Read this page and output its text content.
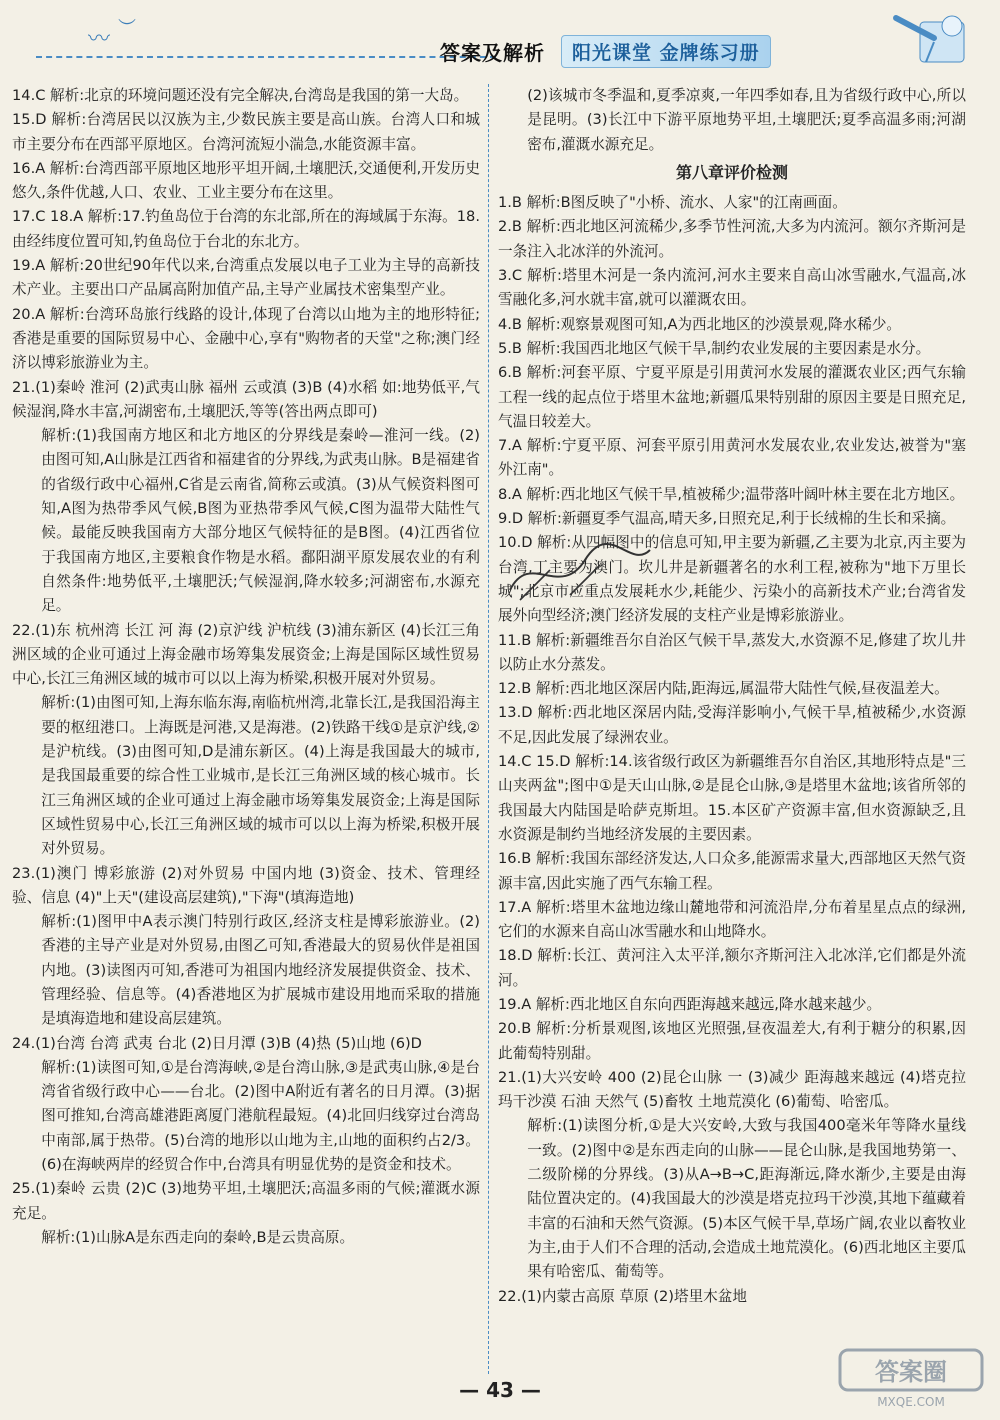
〰 ︶
答案及解析	阳光课堂 金牌练习册

14.C 解析:北京的环境问题还没有完全解决,台湾岛是我国的第一大岛。

15.D 解析:台湾居民以汉族为主,少数民族主要是高山族。台湾人口和城市主要分布在西部平原地区。台湾河流短小湍急,水能资源丰富。

16.A 解析:台湾西部平原地区地形平坦开阔,土壤肥沃,交通便利,开发历史悠久,条件优越,人口、农业、工业主要分布在这里。

17.C 18.A 解析:17.钓鱼岛位于台湾的东北部,所在的海域属于东海。18.由经纬度位置可知,钓鱼岛位于台北的东北方。

19.A 解析:20世纪90年代以来,台湾重点发展以电子工业为主导的高新技术产业。主要出口产品属高附加值产品,主导产业属技术密集型产业。

20.A 解析:台湾环岛旅行线路的设计,体现了台湾以山地为主的地形特征;香港是重要的国际贸易中心、金融中心,享有"购物者的天堂"之称;澳门经济以博彩旅游业为主。

21.(1)秦岭 淮河 (2)武夷山脉 福州 云或滇 (3)B (4)水稻 如:地势低平,气候湿润,降水丰富,河湖密布,土壤肥沃,等等(答出两点即可)

解析:(1)我国南方地区和北方地区的分界线是秦岭—淮河一线。(2)由图可知,A山脉是江西省和福建省的分界线,为武夷山脉。B是福建省的省级行政中心福州,C省是云南省,简称云或滇。(3)从气候资料图可知,A图为热带季风气候,B图为亚热带季风气候,C图为温带大陆性气候。最能反映我国南方大部分地区气候特征的是B图。(4)江西省位于我国南方地区,主要粮食作物是水稻。鄱阳湖平原发展农业的有利自然条件:地势低平,土壤肥沃;气候湿润,降水较多;河湖密布,水源充足。

22.(1)东 杭州湾 长江 河 海 (2)京沪线 沪杭线 (3)浦东新区 (4)长江三角洲区域的企业可通过上海金融市场筹集发展资金;上海是国际区域性贸易中心,长江三角洲区域的城市可以以上海为桥梁,积极开展对外贸易。

解析:(1)由图可知,上海东临东海,南临杭州湾,北靠长江,是我国沿海主要的枢纽港口。上海既是河港,又是海港。(2)铁路干线①是京沪线,②是沪杭线。(3)由图可知,D是浦东新区。(4)上海是我国最大的城市,是我国最重要的综合性工业城市,是长江三角洲区域的核心城市。长江三角洲区域的企业可通过上海金融市场筹集发展资金;上海是国际区域性贸易中心,长江三角洲区域的城市可以以上海为桥梁,积极开展对外贸易。

23.(1)澳门 博彩旅游 (2)对外贸易 中国内地 (3)资金、技术、管理经验、信息 (4)"上天"(建设高层建筑),"下海"(填海造地)

解析:(1)图甲中A表示澳门特别行政区,经济支柱是博彩旅游业。(2)香港的主导产业是对外贸易,由图乙可知,香港最大的贸易伙伴是祖国内地。(3)读图丙可知,香港可为祖国内地经济发展提供资金、技术、管理经验、信息等。(4)香港地区为扩展城市建设用地而采取的措施是填海造地和建设高层建筑。

24.(1)台湾 台湾 武夷 台北 (2)日月潭 (3)B (4)热 (5)山地 (6)D

解析:(1)读图可知,①是台湾海峡,②是台湾山脉,③是武夷山脉,④是台湾省省级行政中心——台北。(2)图中A附近有著名的日月潭。(3)据图可推知,台湾高雄港距离厦门港航程最短。(4)北回归线穿过台湾岛中南部,属于热带。(5)台湾的地形以山地为主,山地的面积约占2/3。(6)在海峡两岸的经贸合作中,台湾具有明显优势的是资金和技术。

25.(1)秦岭 云贵 (2)C (3)地势平坦,土壤肥沃;高温多雨的气候;灌溉水源充足。

解析:(1)山脉A是东西走向的秦岭,B是云贵高原。

(2)该城市冬季温和,夏季凉爽,一年四季如春,且为省级行政中心,所以是昆明。(3)长江中下游平原地势平坦,土壤肥沃;夏季高温多雨;河湖密布,灌溉水源充足。

第八章评价检测

1.B 解析:B图反映了"小桥、流水、人家"的江南画面。

2.B 解析:西北地区河流稀少,多季节性河流,大多为内流河。额尔齐斯河是一条注入北冰洋的外流河。

3.C 解析:塔里木河是一条内流河,河水主要来自高山冰雪融水,气温高,冰雪融化多,河水就丰富,就可以灌溉农田。

4.B 解析:观察景观图可知,A为西北地区的沙漠景观,降水稀少。

5.B 解析:我国西北地区气候干旱,制约农业发展的主要因素是水分。

6.B 解析:河套平原、宁夏平原是引用黄河水发展的灌溉农业区;西气东输工程一线的起点位于塔里木盆地;新疆瓜果特别甜的原因主要是日照充足,气温日较差大。

7.A 解析:宁夏平原、河套平原引用黄河水发展农业,农业发达,被誉为"塞外江南"。

8.A 解析:西北地区气候干旱,植被稀少;温带落叶阔叶林主要在北方地区。

9.D 解析:新疆夏季气温高,晴天多,日照充足,利于长绒棉的生长和采摘。

10.D 解析:从四幅图中的信息可知,甲主要为新疆,乙主要为北京,丙主要为台湾,丁主要为澳门。坎儿井是新疆著名的水利工程,被称为"地下万里长城";北京市应重点发展耗水少,耗能少、污染小的高新技术产业;台湾省发展外向型经济;澳门经济发展的支柱产业是博彩旅游业。

11.B 解析:新疆维吾尔自治区气候干旱,蒸发大,水资源不足,修建了坎儿井以防止水分蒸发。

12.B 解析:西北地区深居内陆,距海远,属温带大陆性气候,昼夜温差大。

13.D 解析:西北地区深居内陆,受海洋影响小,气候干旱,植被稀少,水资源不足,因此发展了绿洲农业。

14.C 15.D 解析:14.该省级行政区为新疆维吾尔自治区,其地形特点是"三山夹两盆";图中①是天山山脉,②是昆仑山脉,③是塔里木盆地;该省所邻的我国最大内陆国是哈萨克斯坦。15.本区矿产资源丰富,但水资源缺乏,且水资源是制约当地经济发展的主要因素。

16.B 解析:我国东部经济发达,人口众多,能源需求量大,西部地区天然气资源丰富,因此实施了西气东输工程。

17.A 解析:塔里木盆地边缘山麓地带和河流沿岸,分布着星星点点的绿洲,它们的水源来自高山冰雪融水和山地降水。

18.D 解析:长江、黄河注入太平洋,额尔齐斯河注入北冰洋,它们都是外流河。

19.A 解析:西北地区自东向西距海越来越远,降水越来越少。

20.B 解析:分析景观图,该地区光照强,昼夜温差大,有利于糖分的积累,因此葡萄特别甜。

21.(1)大兴安岭 400 (2)昆仑山脉 一 (3)减少 距海越来越远 (4)塔克拉玛干沙漠 石油 天然气 (5)畜牧 土地荒漠化 (6)葡萄、哈密瓜。

解析:(1)读图分析,①是大兴安岭,大致与我国400毫米年等降水量线一致。(2)图中②是东西走向的山脉——昆仑山脉,是我国地势第一、二级阶梯的分界线。(3)从A→B→C,距海渐远,降水渐少,主要是由海陆位置决定的。(4)我国最大的沙漠是塔克拉玛干沙漠,其地下蕴藏着丰富的石油和天然气资源。(5)本区气候干旱,草场广阔,农业以畜牧业为主,由于人们不合理的活动,会造成土地荒漠化。(6)西北地区主要瓜果有哈密瓜、葡萄等。

22.(1)内蒙古高原 草原 (2)塔里木盆地

— 43 —
答案圈
MXQE.COM
